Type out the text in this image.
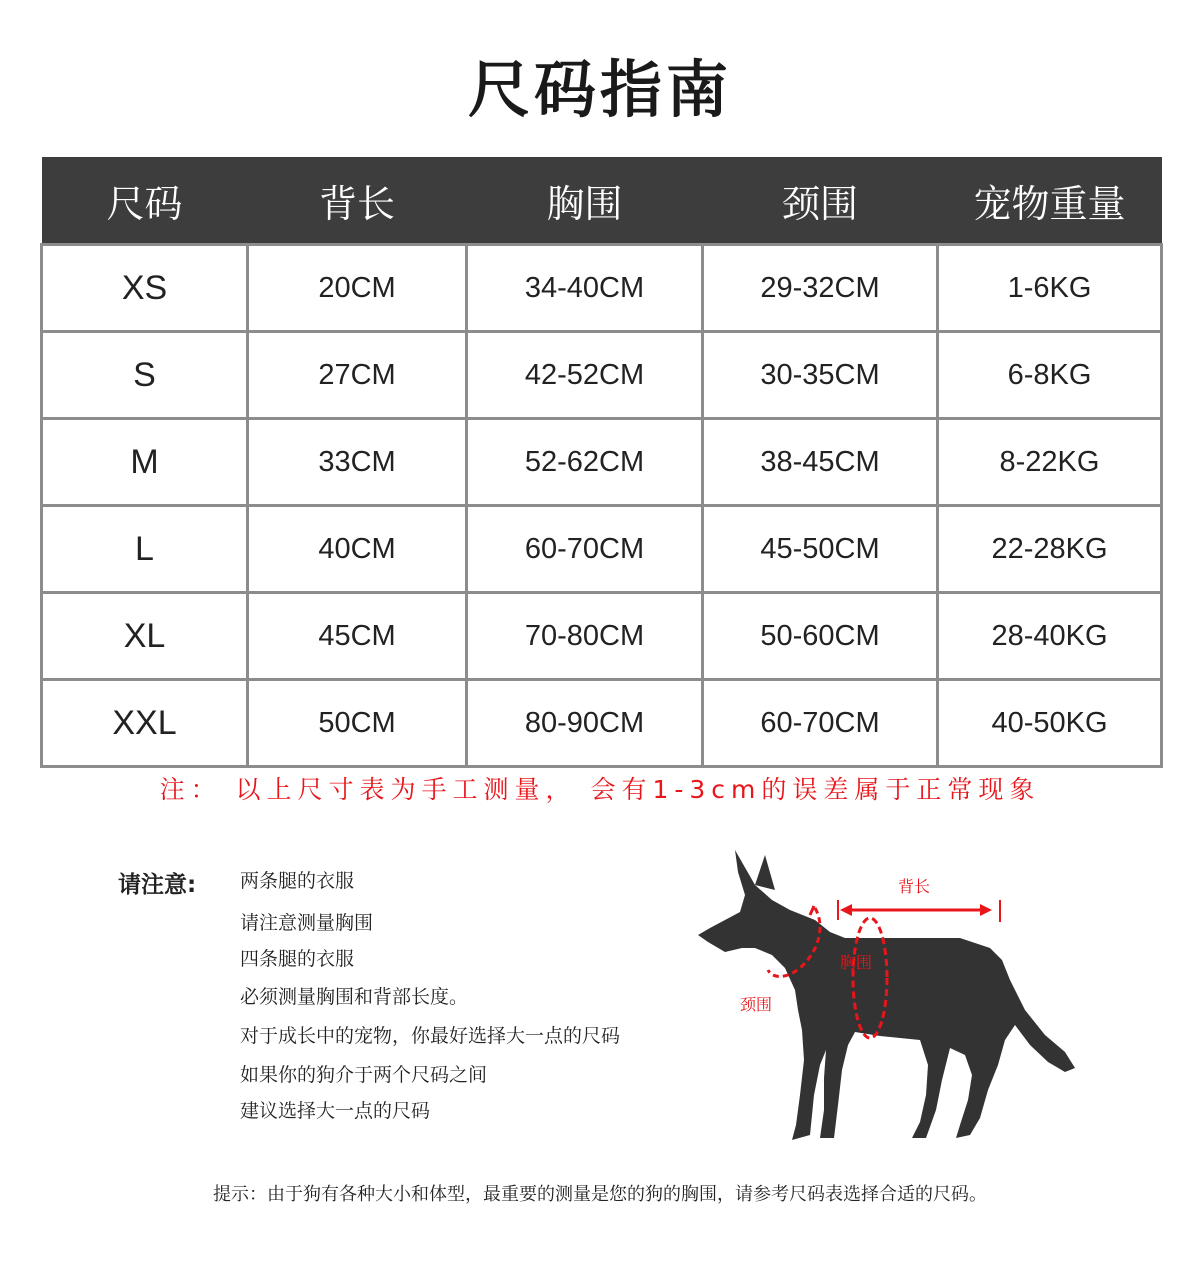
尺码指南
尺码	背长	胸围	颈围	宠物重量
XS	20CM	34-40CM	29-32CM	1-6KG
S	27CM	42-52CM	30-35CM	6-8KG
M	33CM	52-62CM	38-45CM	8-22KG
L	40CM	60-70CM	45-50CM	22-28KG
XL	45CM	70-80CM	50-60CM	28-40KG
XXL	50CM	80-90CM	60-70CM	40-50KG
注： 以上尺寸表为手工测量， 会有1-3cm的误差属于正常现象
请注意: 两条腿的衣服
请注意测量胸围
四条腿的衣服
必须测量胸围和背部长度。
对于成长中的宠物，你最好选择大一点的尺码
如果你的狗介于两个尺码之间
建议选择大一点的尺码
背长
胸围
颈围
提示：由于狗有各种大小和体型，最重要的测量是您的狗的胸围，请参考尺码表选择合适的尺码。
